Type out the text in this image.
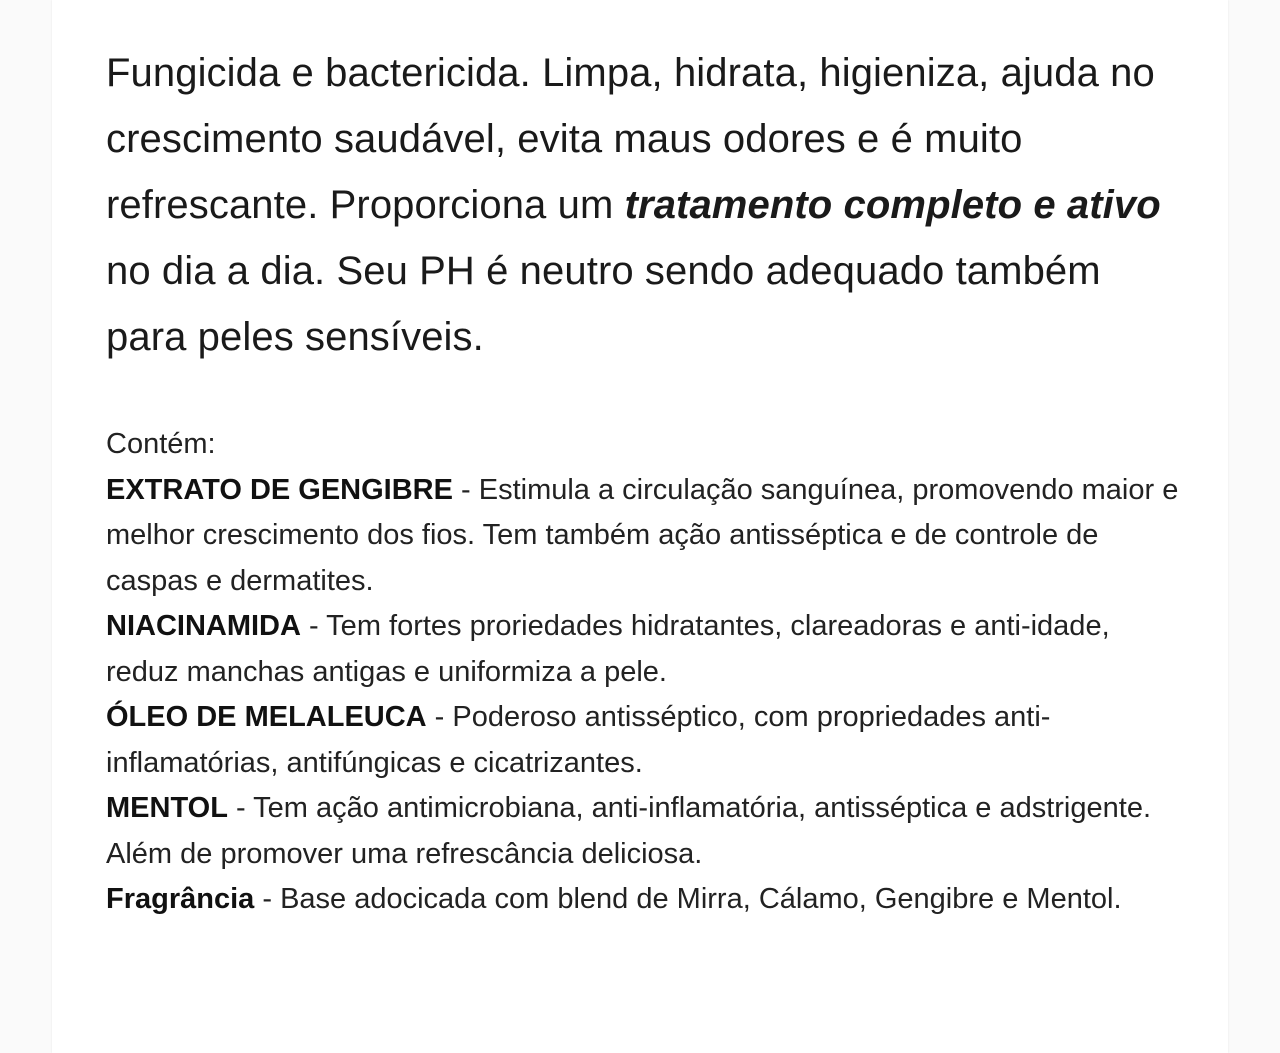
Fungicida e bactericida. Limpa, hidrata, higieniza, ajuda no crescimento saudável, evita maus odores e é muito refrescante. Proporciona um tratamento completo e ativo no dia a dia. Seu PH é neutro sendo adequado também para peles sensíveis.

Contém:

EXTRATO DE GENGIBRE - Estimula a circulação sanguínea, promovendo maior e melhor crescimento dos fios. Tem também ação antisséptica e de controle de caspas e dermatites.

NIACINAMIDA - Tem fortes proriedades hidratantes, clareadoras e anti-idade, reduz manchas antigas e uniformiza a pele.

ÓLEO DE MELALEUCA - Poderoso antisséptico, com propriedades anti-inflamatórias, antifúngicas e cicatrizantes.

MENTOL - Tem ação antimicrobiana, anti-inflamatória, antisséptica e adstrigente. Além de promover uma refrescância deliciosa.

Fragrância - Base adocicada com blend de Mirra, Cálamo, Gengibre e Mentol.
